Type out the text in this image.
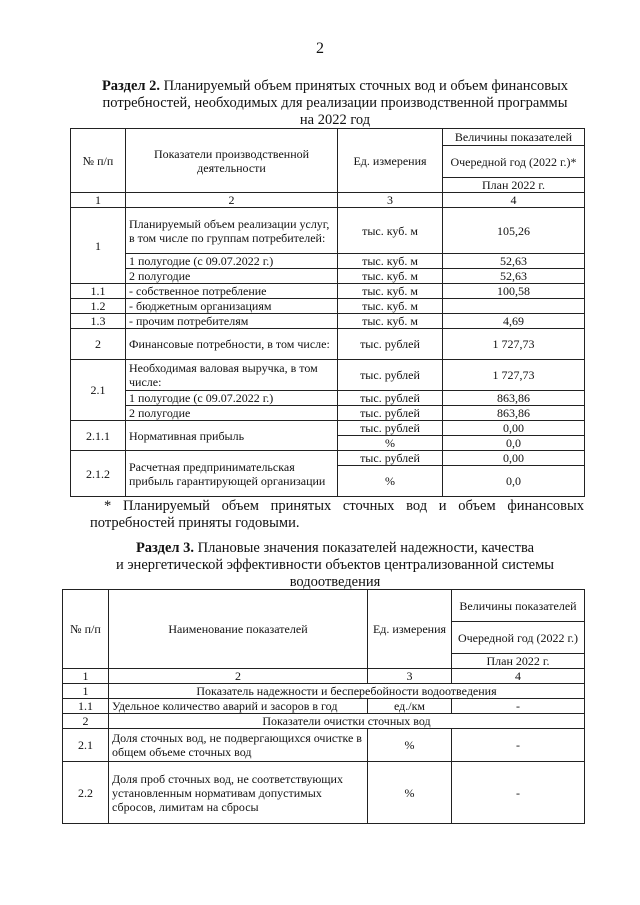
2
Раздел 2. Планируемый объем принятых сточных вод и объем финансовых
потребностей, необходимых для реализации производственной программы
на 2022 год
№ п/п	Показатели производственной деятельности	Ед. измерения	Величины показателей
			Очередной год (2022 г.)*
			План 2022 г.
1	2	3	4
1	Планируемый объем реализации услуг, в том числе по группам потребителей:	тыс. куб. м	105,26
	1 полугодие (с 09.07.2022 г.)	тыс. куб. м	52,63
	2 полугодие	тыс. куб. м	52,63
1.1	- собственное потребление	тыс. куб. м	100,58
1.2	- бюджетным организациям	тыс. куб. м	
1.3	- прочим потребителям	тыс. куб. м	4,69
2	Финансовые потребности, в том числе:	тыс. рублей	1 727,73
2.1	Необходимая валовая выручка, в том числе:	тыс. рублей	1 727,73
	1 полугодие (с 09.07.2022 г.)	тыс. рублей	863,86
	2 полугодие	тыс. рублей	863,86
2.1.1	Нормативная прибыль	тыс. рублей	0,00
		%	0,0
2.1.2	Расчетная предпринимательская прибыль гарантирующей организации	тыс. рублей	0,00
		%	0,0
* Планируемый объем принятых сточных вод и объем финансовых потребностей приняты годовыми.
Раздел 3. Плановые значения показателей надежности, качества
и энергетической эффективности объектов централизованной системы
водоотведения
№ п/п	Наименование показателей	Ед. измерения	Величины показателей
			Очередной год (2022 г.)
			План 2022 г.
1	2	3	4
1	Показатель надежности и бесперебойности водоотведения		
1.1	Удельное количество аварий и засоров в год	ед./км	-
2	Показатели очистки сточных вод		
2.1	Доля сточных вод, не подвергающихся очистке в общем объеме сточных вод	%	-
2.2	Доля проб сточных вод, не соответствующих установленным нормативам допустимых сбросов, лимитам на сбросы	%	-
